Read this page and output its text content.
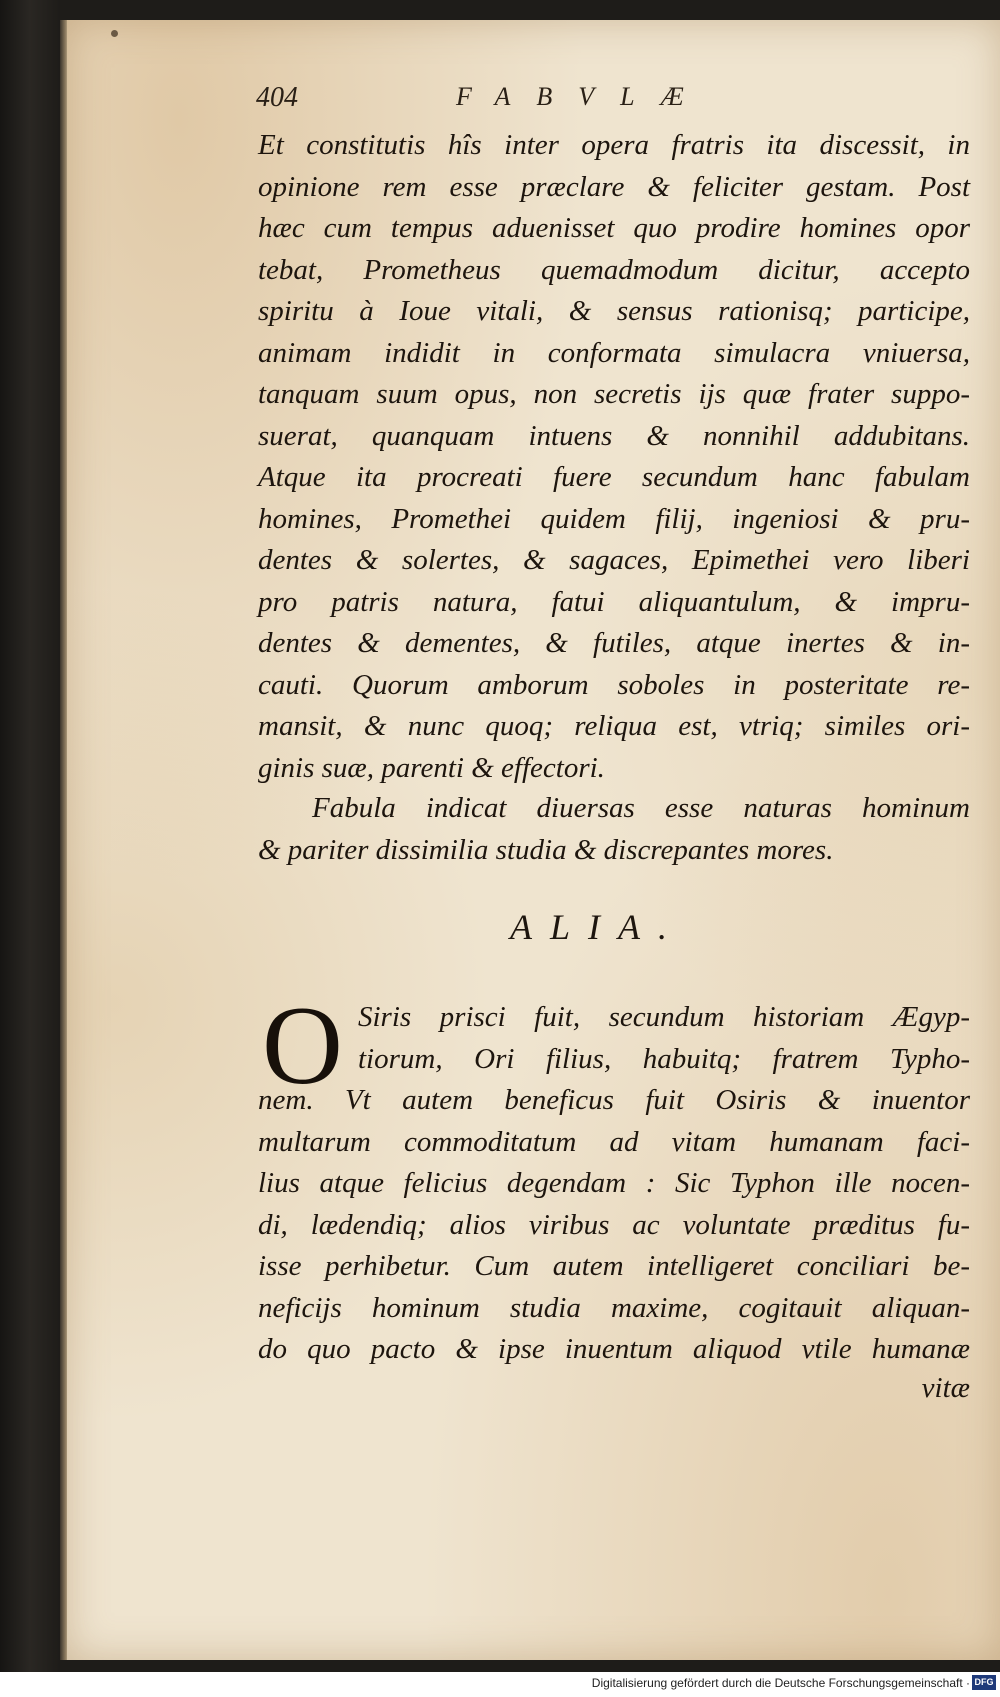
404	FABVLÆ
Et constitutis hîs inter opera fratris ita discessit, in
opinione rem esse præclare & feliciter gestam. Post
hæc cum tempus aduenisset quo prodire homines opor
tebat, Prometheus quemadmodum dicitur, accepto
spiritu à Ioue vitali, & sensus rationisq; participe,
animam indidit in conformata simulacra vniuersa,
tanquam suum opus, non secretis ijs quæ frater suppo-
suerat, quanquam intuens & nonnihil addubitans.
Atque ita procreati fuere secundum hanc fabulam
homines, Promethei quidem filij, ingeniosi & pru-
dentes & solertes, & sagaces, Epimethei vero liberi
pro patris natura, fatui aliquantulum, & impru-
dentes & dementes, & futiles, atque inertes & in-
cauti. Quorum amborum soboles in posteritate re-
mansit, & nunc quoq; reliqua est, vtriq; similes ori-
ginis suæ, parenti & effectori.
Fabula indicat diuersas esse naturas hominum
& pariter dissimilia studia & discrepantes mores.
ALIA.
O Siris prisci fuit, secundum historiam Ægyp-
tiorum, Ori filius, habuitq; fratrem Typho-
nem. Vt autem beneficus fuit Osiris & inuentor
multarum commoditatum ad vitam humanam faci-
lius atque felicius degendam : Sic Typhon ille nocen-
di, lædendiq; alios viribus ac voluntate præditus fu-
isse perhibetur. Cum autem intelligeret conciliari be-
neficijs hominum studia maxime, cogitauit aliquan-
do quo pacto & ipse inuentum aliquod vtile humanæ
vitæ
Digitalisierung gefördert durch die Deutsche Forschungsgemeinschaft · DFG
